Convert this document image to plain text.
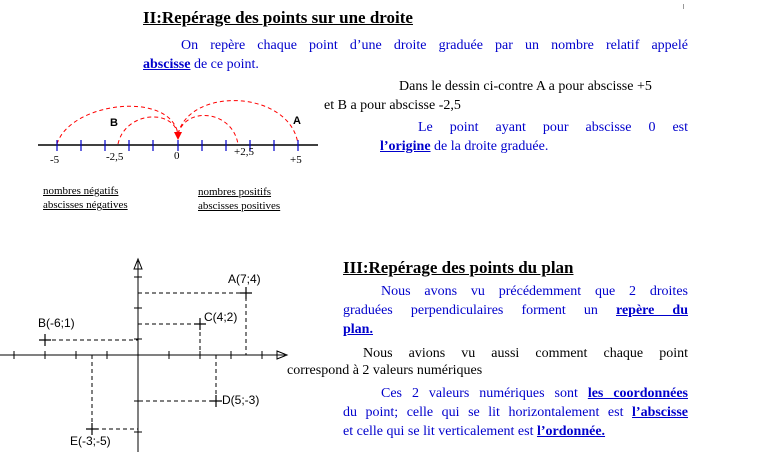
II:Repérage des points sur une droite
On repère chaque point d’une droite graduée par un nombre relatif appelé
abscisse de ce point.
Dans le dessin ci-contre A a pour abscisse +5
et B a pour abscisse -2,5
Le point ayant pour abscisse 0 est
l’origine de la droite graduée.
B	A
-5	-2,5	0	+2,5
+5
nombres négatifs
abscisses négatives
nombres positifs
abscisses positives
III:Repérage des points du plan
Nous avons vu précédemment que 2 droites
graduées perpendiculaires forment un repère du
plan.
Nous avions vu aussi comment chaque point
correspond à 2 valeurs numériques
Ces 2 valeurs numériques sont les coordonnées
du point; celle qui se lit horizontalement est l’abscisse
et celle qui se lit verticalement est l’ordonnée.
A(7;4)
C(4;2)
B(-6;1)
D(5;-3)
E(-3;-5)
